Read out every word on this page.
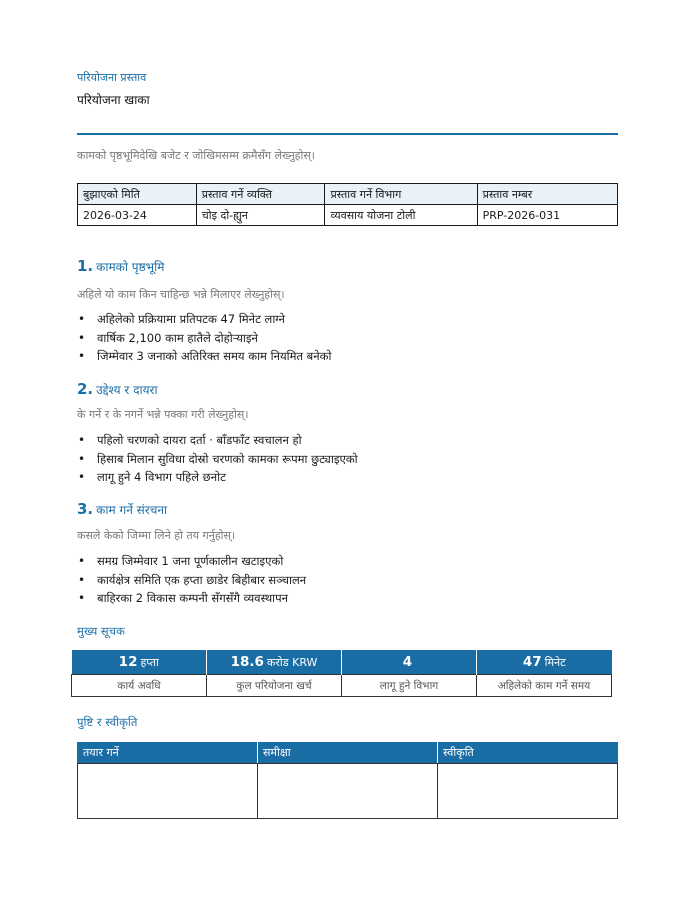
परियोजना प्रस्ताव
परियोजना खाका
कामको पृष्ठभूमिदेखि बजेट र जोखिमसम्म क्रमैसँग लेख्नुहोस्।
बुझाएको मिति	प्रस्ताव गर्ने व्यक्ति	प्रस्ताव गर्ने विभाग	प्रस्ताव नम्बर
2026-03-24	चोइ दो-ह्युन	व्यवसाय योजना टोली	PRP-2026-031
1. कामको पृष्ठभूमि
अहिले यो काम किन चाहिन्छ भन्ने मिलाएर लेख्नुहोस्।
• अहिलेको प्रक्रियामा प्रतिपटक 47 मिनेट लाग्ने
• वार्षिक 2,100 काम हातैले दोहोर्‍याइने
• जिम्मेवार 3 जनाको अतिरिक्त समय काम नियमित बनेको
2. उद्देश्य र दायरा
के गर्ने र के नगर्ने भन्ने पक्का गरी लेख्नुहोस्।
• पहिलो चरणको दायरा दर्ता · बाँडफाँट स्वचालन हो
• हिसाब मिलान सुविधा दोस्रो चरणको कामका रूपमा छुट्याइएको
• लागू हुने 4 विभाग पहिले छनोट
3. काम गर्ने संरचना
कसले केको जिम्मा लिने हो तय गर्नुहोस्।
• समग्र जिम्मेवार 1 जना पूर्णकालीन खटाइएको
• कार्यक्षेत्र समिति एक हप्ता छाडेर बिहीबार सञ्चालन
• बाहिरका 2 विकास कम्पनी सँगसँगै व्यवस्थापन
मुख्य सूचक
12 हप्ता	18.6 करोड KRW	4	47 मिनेट
कार्य अवधि	कुल परियोजना खर्च	लागू हुने विभाग	अहिलेको काम गर्ने समय
पुष्टि र स्वीकृति
तयार गर्ने	समीक्षा	स्वीकृति
